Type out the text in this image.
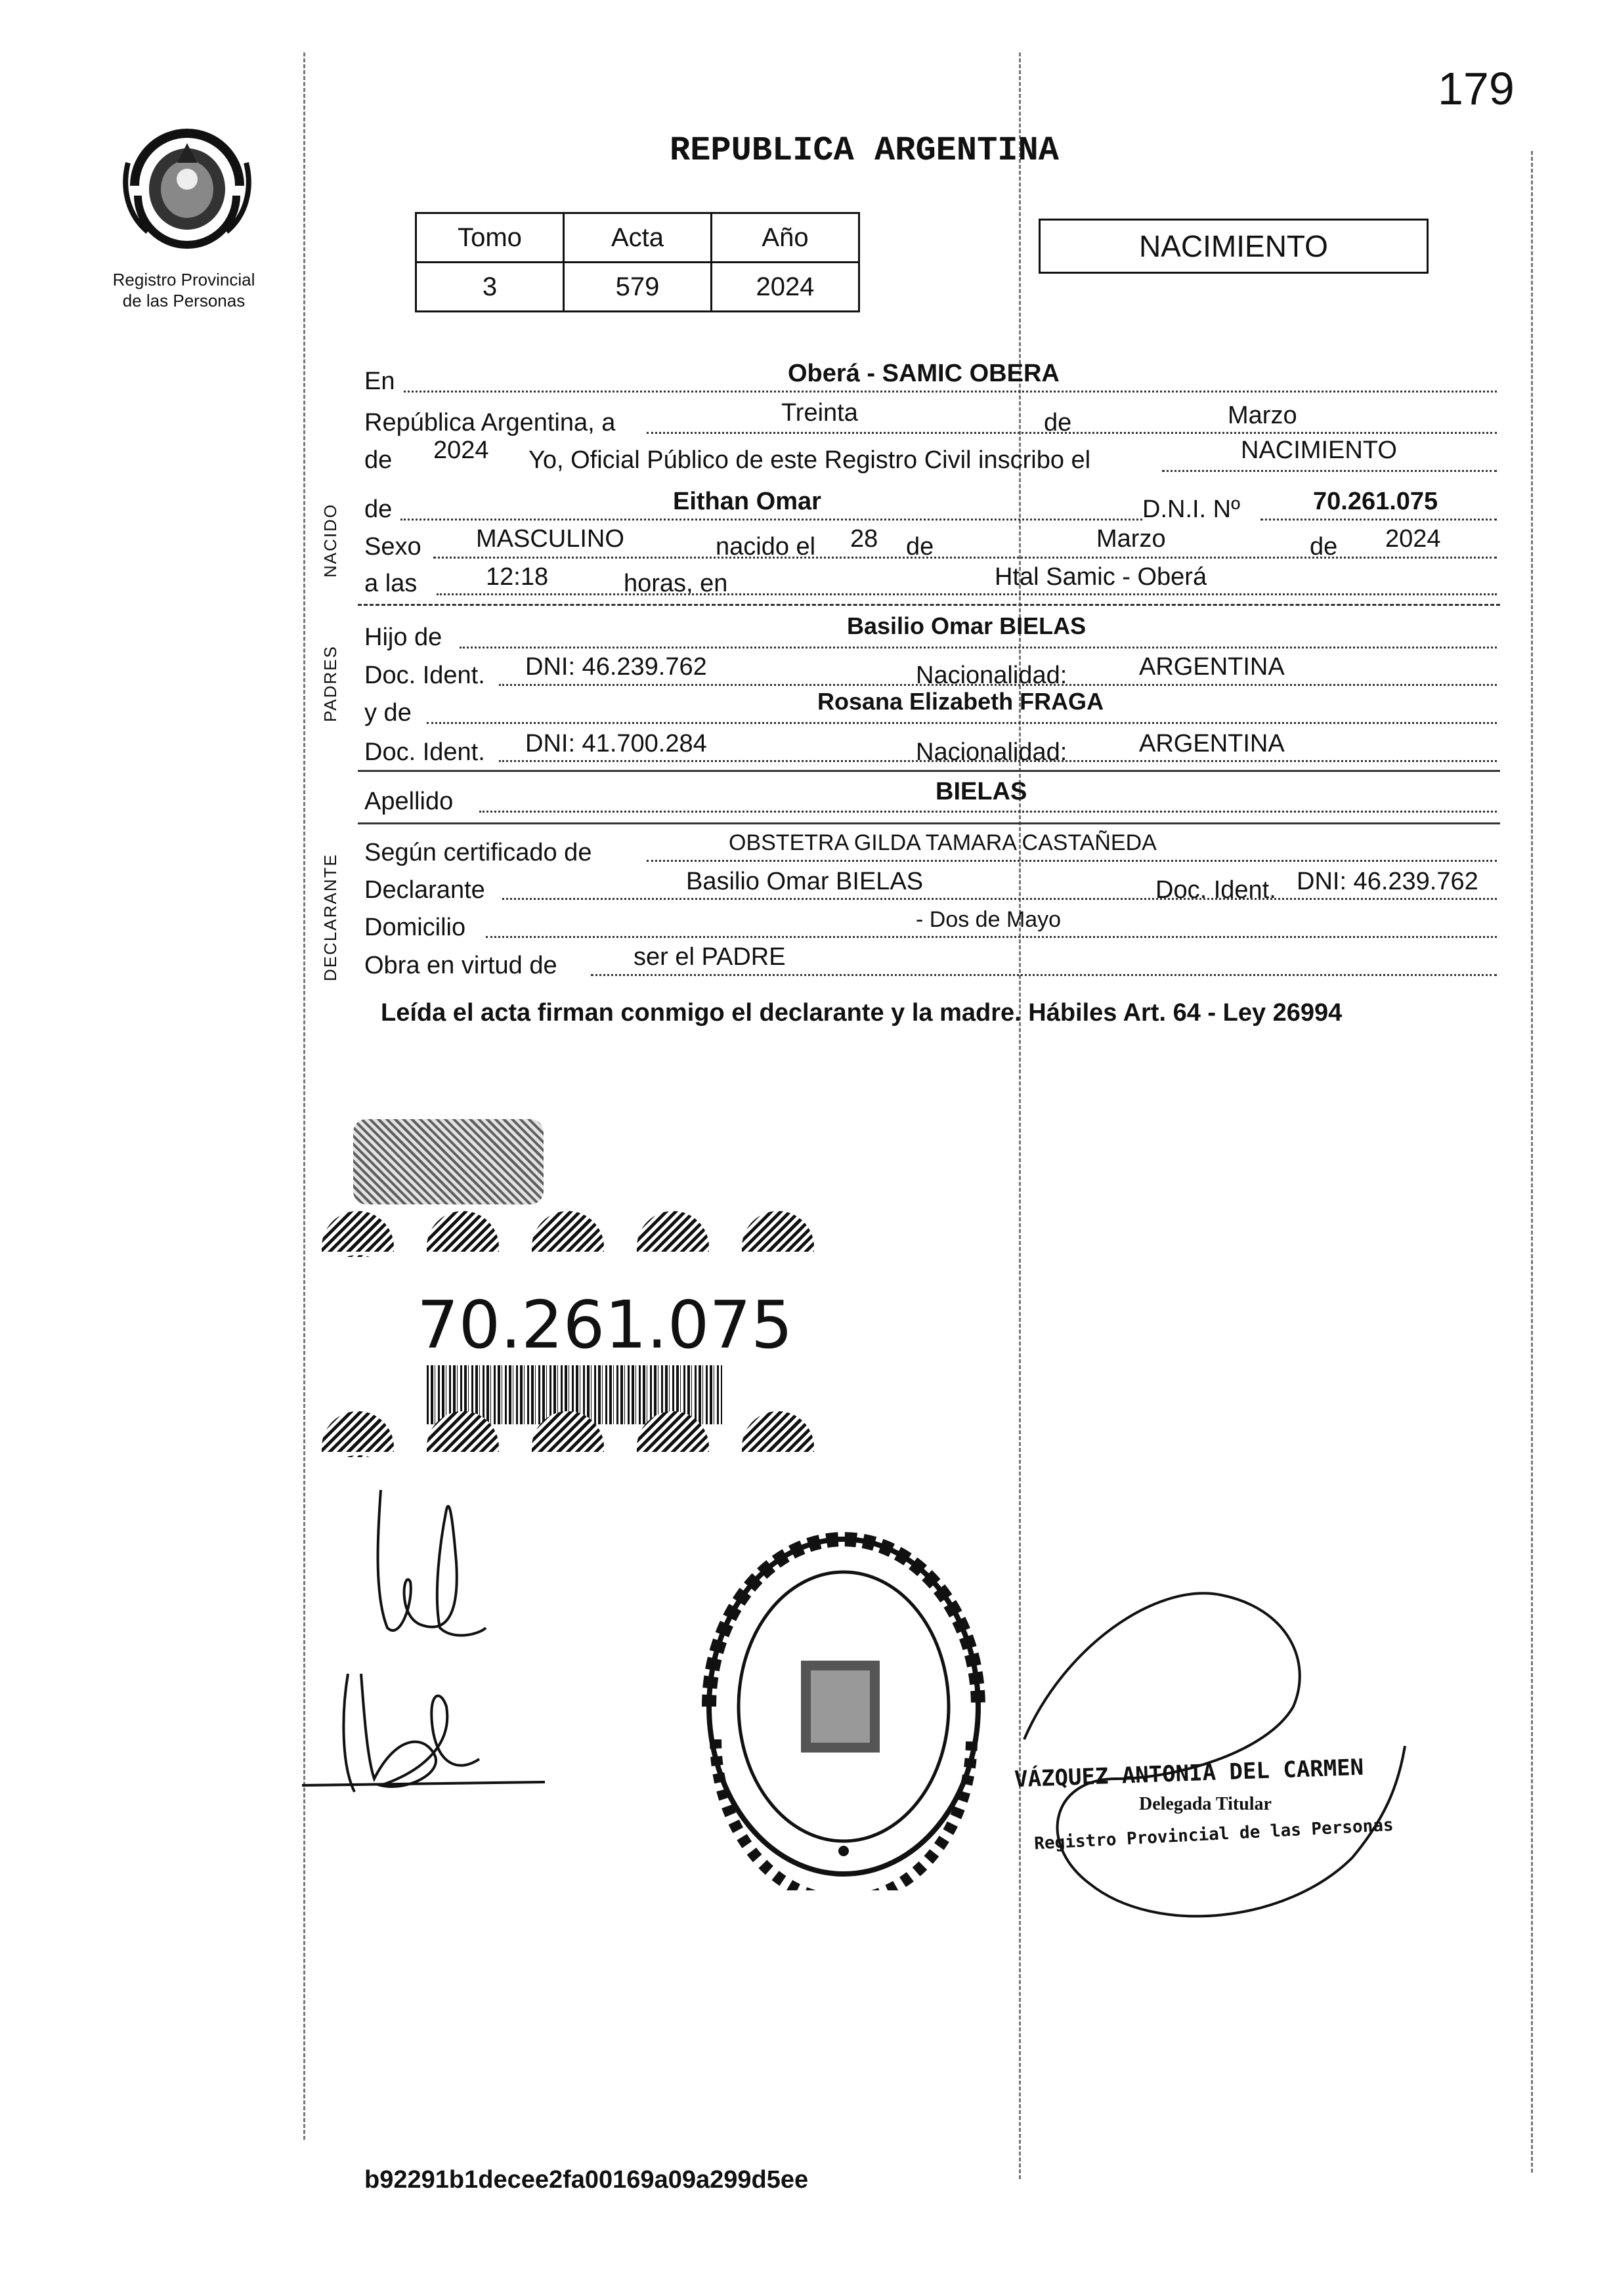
179
Registro Provincial
de las Personas
REPUBLICA ARGENTINA
Tomo	Acta	Año
3	579	2024
NACIMIENTO
NACIDO
PADRES
DECLARANTE
En	Oberá - SAMIC OBERA
República Argentina, a	Treinta	de	Marzo
de 2024 Yo, Oficial Público de este Registro Civil inscribo el	NACIMIENTO
de	Eithan Omar	D.N.I. Nº	70.261.075
Sexo MASCULINO	nacido el 28 de	Marzo	de 2024
a las	12:18	horas, en	Htal Samic - Oberá
Hijo de	Basilio Omar BIELAS
Doc. Ident. DNI: 46.239.762	Nacionalidad:	ARGENTINA
y de	Rosana Elizabeth FRAGA
Doc. Ident. DNI: 41.700.284	Nacionalidad:	ARGENTINA
Apellido	BIELAS
Según certificado de	OBSTETRA GILDA TAMARA CASTAÑEDA
Declarante	Basilio Omar BIELAS	Doc. Ident. DNI: 46.239.762
Domicilio	- Dos de Mayo
Obra en virtud de	ser el PADRE
Leída el acta firman conmigo el declarante y la madre. Hábiles Art. 64 - Ley 26994
70.261.075
VÁZQUEZ ANTONIA DEL CARMEN
Delegada Titular
Registro Provincial de las Personas
b92291b1decee2fa00169a09a299d5ee
